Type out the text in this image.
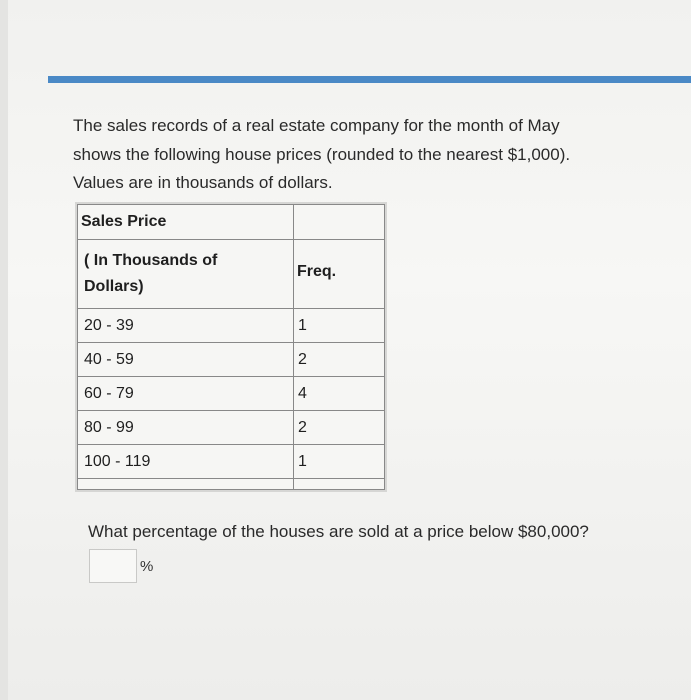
The sales records of a real estate company for the month of May
shows the following house prices (rounded to the nearest $1,000).
Values are in thousands of dollars.
Sales Price	

( In Thousands of
Dollars)	Freq.
20 - 39	1
40 - 59	2
60 - 79	4
80 - 99	2
100 - 119	1

What percentage of the houses are sold at a price below $80,000?
%
